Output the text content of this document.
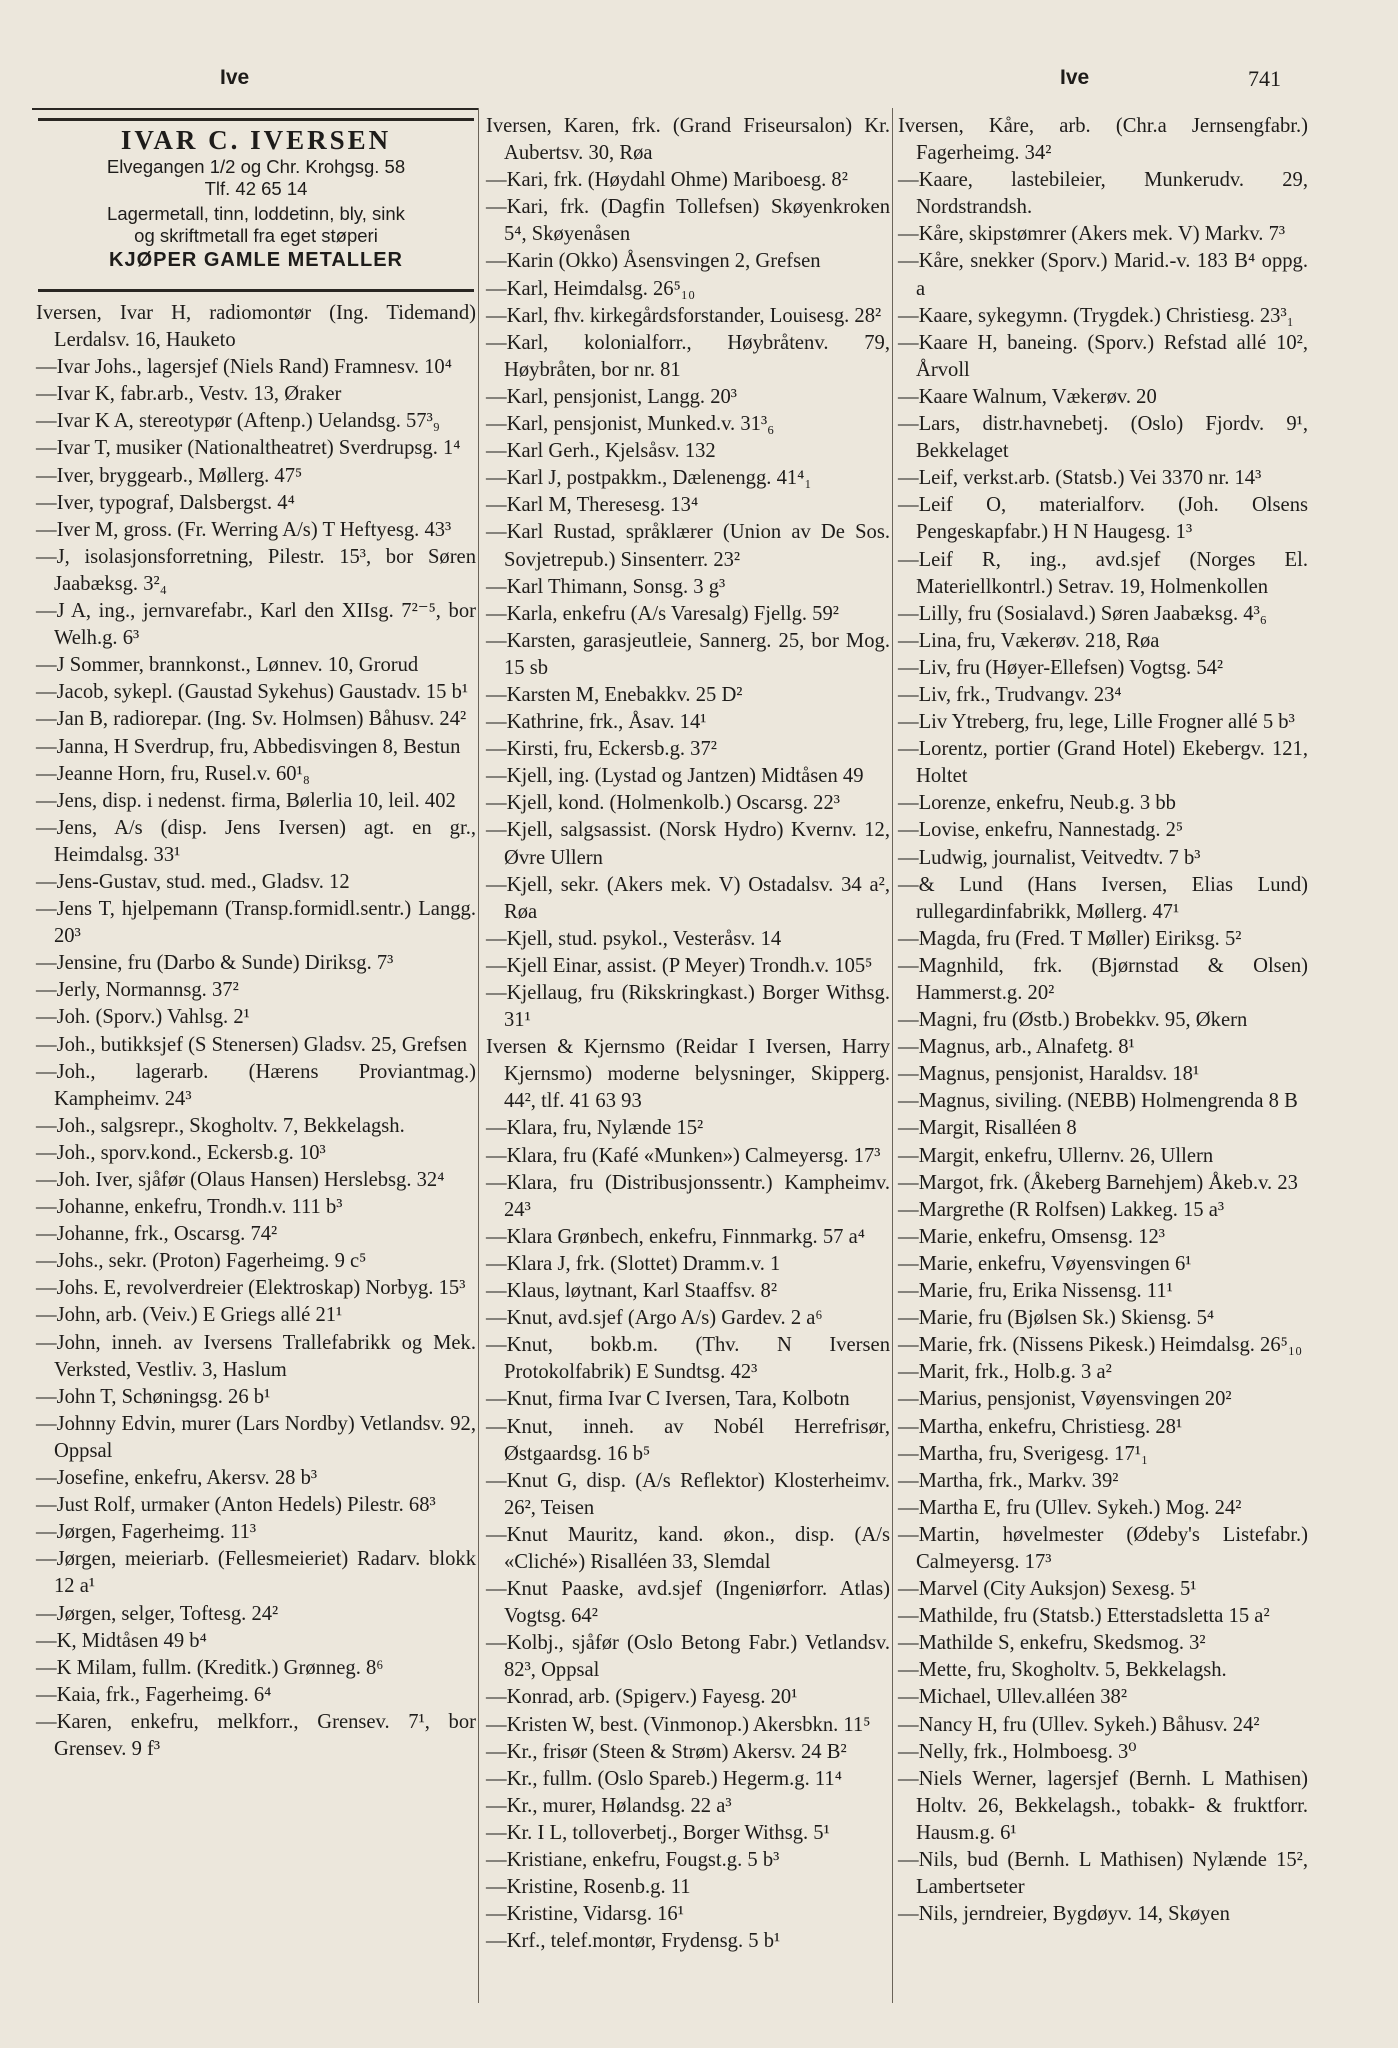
Ive	Ive	741
IVAR C. IVERSEN
Elvegangen 1/2 og Chr. Krohgsg. 58
Tlf. 42 65 14
Lagermetall, tinn, loddetinn, bly, sink
og skriftmetall fra eget støperi
KJØPER GAMLE METALLER
Iversen, Ivar H, radiomontør (Ing. Tidemand) Lerdalsv. 16, Hauketo
—Ivar Johs., lagersjef (Niels Rand) Framnesv. 10⁴
—Ivar K, fabr.arb., Vestv. 13, Øraker
—Ivar K A, stereotypør (Aftenp.) Uelandsg. 57³₉
—Ivar T, musiker (Nationaltheatret) Sverdrupsg. 1⁴
—Iver, bryggearb., Møllerg. 47⁵
—Iver, typograf, Dalsbergst. 4⁴
—Iver M, gross. (Fr. Werring A/s) T Heftyesg. 43³
—J, isolasjonsforretning, Pilestr. 15³, bor Søren Jaabæksg. 3²₄
—J A, ing., jernvarefabr., Karl den XIIsg. 7²⁻⁵, bor Welh.g. 6³
—J Sommer, brannkonst., Lønnev. 10, Grorud
—Jacob, sykepl. (Gaustad Sykehus) Gaustadv. 15 b¹
—Jan B, radiorepar. (Ing. Sv. Holmsen) Båhusv. 24²
—Janna, H Sverdrup, fru, Abbedisvingen 8, Bestun
—Jeanne Horn, fru, Rusel.v. 60¹₈
—Jens, disp. i nedenst. firma, Bølerlia 10, leil. 402
—Jens, A/s (disp. Jens Iversen) agt. en gr., Heimdalsg. 33¹
—Jens-Gustav, stud. med., Gladsv. 12
—Jens T, hjelpemann (Transp.formidl.sentr.) Langg. 20³
—Jensine, fru (Darbo & Sunde) Diriksg. 7³
—Jerly, Normannsg. 37²
—Joh. (Sporv.) Vahlsg. 2¹
—Joh., butikksjef (S Stenersen) Gladsv. 25, Grefsen
—Joh., lagerarb. (Hærens Proviantmag.) Kampheimv. 24³
—Joh., salgsrepr., Skogholtv. 7, Bekkelagsh.
—Joh., sporv.kond., Eckersb.g. 10³
—Joh. Iver, sjåfør (Olaus Hansen) Herslebsg. 32⁴
—Johanne, enkefru, Trondh.v. 111 b³
—Johanne, frk., Oscarsg. 74²
—Johs., sekr. (Proton) Fagerheimg. 9 c⁵
—Johs. E, revolverdreier (Elektroskap) Norbyg. 15³
—John, arb. (Veiv.) E Griegs allé 21¹
—John, inneh. av Iversens Trallefabrikk og Mek. Verksted, Vestliv. 3, Haslum
—John T, Schøningsg. 26 b¹
—Johnny Edvin, murer (Lars Nordby) Vetlandsv. 92, Oppsal
—Josefine, enkefru, Akersv. 28 b³
—Just Rolf, urmaker (Anton Hedels) Pilestr. 68³
—Jørgen, Fagerheimg. 11³
—Jørgen, meieriarb. (Fellesmeieriet) Radarv. blokk 12 a¹
—Jørgen, selger, Toftesg. 24²
—K, Midtåsen 49 b⁴
—K Milam, fullm. (Kreditk.) Grønneg. 8⁶
—Kaia, frk., Fagerheimg. 6⁴
—Karen, enkefru, melkforr., Grensev. 7¹, bor Grensev. 9 f³
Iversen, Karen, frk. (Grand Friseursalon) Kr. Aubertsv. 30, Røa
—Kari, frk. (Høydahl Ohme) Mariboesg. 8²
—Kari, frk. (Dagfin Tollefsen) Skøyenkroken 5⁴, Skøyenåsen
—Karin (Okko) Åsensvingen 2, Grefsen
—Karl, Heimdalsg. 26⁵₁₀
—Karl, fhv. kirkegårdsforstander, Louisesg. 28²
—Karl, kolonialforr., Høybråtenv. 79, Høybråten, bor nr. 81
—Karl, pensjonist, Langg. 20³
—Karl, pensjonist, Munked.v. 31³₆
—Karl Gerh., Kjelsåsv. 132
—Karl J, postpakkm., Dælenengg. 41⁴₁
—Karl M, Theresesg. 13⁴
—Karl Rustad, språklærer (Union av De Sos. Sovjetrepub.) Sinsenterr. 23²
—Karl Thimann, Sonsg. 3 g³
—Karla, enkefru (A/s Varesalg) Fjellg. 59²
—Karsten, garasjeutleie, Sannerg. 25, bor Mog. 15 sb
—Karsten M, Enebakkv. 25 D²
—Kathrine, frk., Åsav. 14¹
—Kirsti, fru, Eckersb.g. 37²
—Kjell, ing. (Lystad og Jantzen) Midtåsen 49
—Kjell, kond. (Holmenkolb.) Oscarsg. 22³
—Kjell, salgsassist. (Norsk Hydro) Kvernv. 12, Øvre Ullern
—Kjell, sekr. (Akers mek. V) Ostadalsv. 34 a², Røa
—Kjell, stud. psykol., Vesteråsv. 14
—Kjell Einar, assist. (P Meyer) Trondh.v. 105⁵
—Kjellaug, fru (Rikskringkast.) Borger Withsg. 31¹
Iversen & Kjernsmo (Reidar I Iversen, Harry Kjernsmo) moderne belysninger, Skipperg. 44², tlf. 41 63 93
—Klara, fru, Nylænde 15²
—Klara, fru (Kafé «Munken») Calmeyersg. 17³
—Klara, fru (Distribusjonssentr.) Kampheimv. 24³
—Klara Grønbech, enkefru, Finnmarkg. 57 a⁴
—Klara J, frk. (Slottet) Dramm.v. 1
—Klaus, løytnant, Karl Staaffsv. 8²
—Knut, avd.sjef (Argo A/s) Gardev. 2 a⁶
—Knut, bokb.m. (Thv. N Iversen Protokolfabrik) E Sundtsg. 42³
—Knut, firma Ivar C Iversen, Tara, Kolbotn
—Knut, inneh. av Nobél Herrefrisør, Østgaardsg. 16 b⁵
—Knut G, disp. (A/s Reflektor) Klosterheimv. 26², Teisen
—Knut Mauritz, kand. økon., disp. (A/s «Cliché») Risalléen 33, Slemdal
—Knut Paaske, avd.sjef (Ingeniørforr. Atlas) Vogtsg. 64²
—Kolbj., sjåfør (Oslo Betong Fabr.) Vetlandsv. 82³, Oppsal
—Konrad, arb. (Spigerv.) Fayesg. 20¹
—Kristen W, best. (Vinmonop.) Akersbkn. 11⁵
—Kr., frisør (Steen & Strøm) Akersv. 24 B²
—Kr., fullm. (Oslo Spareb.) Hegerm.g. 11⁴
—Kr., murer, Hølandsg. 22 a³
—Kr. I L, tolloverbetj., Borger Withsg. 5¹
—Kristiane, enkefru, Fougst.g. 5 b³
—Kristine, Rosenb.g. 11
—Kristine, Vidarsg. 16¹
—Krf., telef.montør, Frydensg. 5 b¹
Iversen, Kåre, arb. (Chr.a Jernsengfabr.) Fagerheimg. 34²
—Kaare, lastebileier, Munkerudv. 29, Nordstrandsh.
—Kåre, skipstømrer (Akers mek. V) Markv. 7³
—Kåre, snekker (Sporv.) Marid.-v. 183 B⁴ oppg. a
—Kaare, sykegymn. (Trygdek.) Christiesg. 23³₁
—Kaare H, baneing. (Sporv.) Refstad allé 10², Årvoll
—Kaare Walnum, Vækerøv. 20
—Lars, distr.havnebetj. (Oslo) Fjordv. 9¹, Bekkelaget
—Leif, verkst.arb. (Statsb.) Vei 3370 nr. 14³
—Leif O, materialforv. (Joh. Olsens Pengeskapfabr.) H N Haugesg. 1³
—Leif R, ing., avd.sjef (Norges El. Materiellkontrl.) Setrav. 19, Holmenkollen
—Lilly, fru (Sosialavd.) Søren Jaabæksg. 4³₆
—Lina, fru, Vækerøv. 218, Røa
—Liv, fru (Høyer-Ellefsen) Vogtsg. 54²
—Liv, frk., Trudvangv. 23⁴
—Liv Ytreberg, fru, lege, Lille Frogner allé 5 b³
—Lorentz, portier (Grand Hotel) Ekebergv. 121, Holtet
—Lorenze, enkefru, Neub.g. 3 bb
—Lovise, enkefru, Nannestadg. 2⁵
—Ludwig, journalist, Veitvedtv. 7 b³
—& Lund (Hans Iversen, Elias Lund) rullegardinfabrikk, Møllerg. 47¹
—Magda, fru (Fred. T Møller) Eiriksg. 5²
—Magnhild, frk. (Bjørnstad & Olsen) Hammerst.g. 20²
—Magni, fru (Østb.) Brobekkv. 95, Økern
—Magnus, arb., Alnafetg. 8¹
—Magnus, pensjonist, Haraldsv. 18¹
—Magnus, siviling. (NEBB) Holmengrenda 8 B
—Margit, Risalléen 8
—Margit, enkefru, Ullernv. 26, Ullern
—Margot, frk. (Åkeberg Barnehjem) Åkeb.v. 23
—Margrethe (R Rolfsen) Lakkeg. 15 a³
—Marie, enkefru, Omsensg. 12³
—Marie, enkefru, Vøyensvingen 6¹
—Marie, fru, Erika Nissensg. 11¹
—Marie, fru (Bjølsen Sk.) Skiensg. 5⁴
—Marie, frk. (Nissens Pikesk.) Heimdalsg. 26⁵₁₀
—Marit, frk., Holb.g. 3 a²
—Marius, pensjonist, Vøyensvingen 20²
—Martha, enkefru, Christiesg. 28¹
—Martha, fru, Sverigesg. 17¹₁
—Martha, frk., Markv. 39²
—Martha E, fru (Ullev. Sykeh.) Mog. 24²
—Martin, høvelmester (Ødeby's Listefabr.) Calmeyersg. 17³
—Marvel (City Auksjon) Sexesg. 5¹
—Mathilde, fru (Statsb.) Etterstadsletta 15 a²
—Mathilde S, enkefru, Skedsmog. 3²
—Mette, fru, Skogholtv. 5, Bekkelagsh.
—Michael, Ullev.alléen 38²
—Nancy H, fru (Ullev. Sykeh.) Båhusv. 24²
—Nelly, frk., Holmboesg. 3⁰
—Niels Werner, lagersjef (Bernh. L Mathisen) Holtv. 26, Bekkelagsh., tobakk- & fruktforr. Hausm.g. 6¹
—Nils, bud (Bernh. L Mathisen) Nylænde 15², Lambertseter
—Nils, jerndreier, Bygdøyv. 14, Skøyen
